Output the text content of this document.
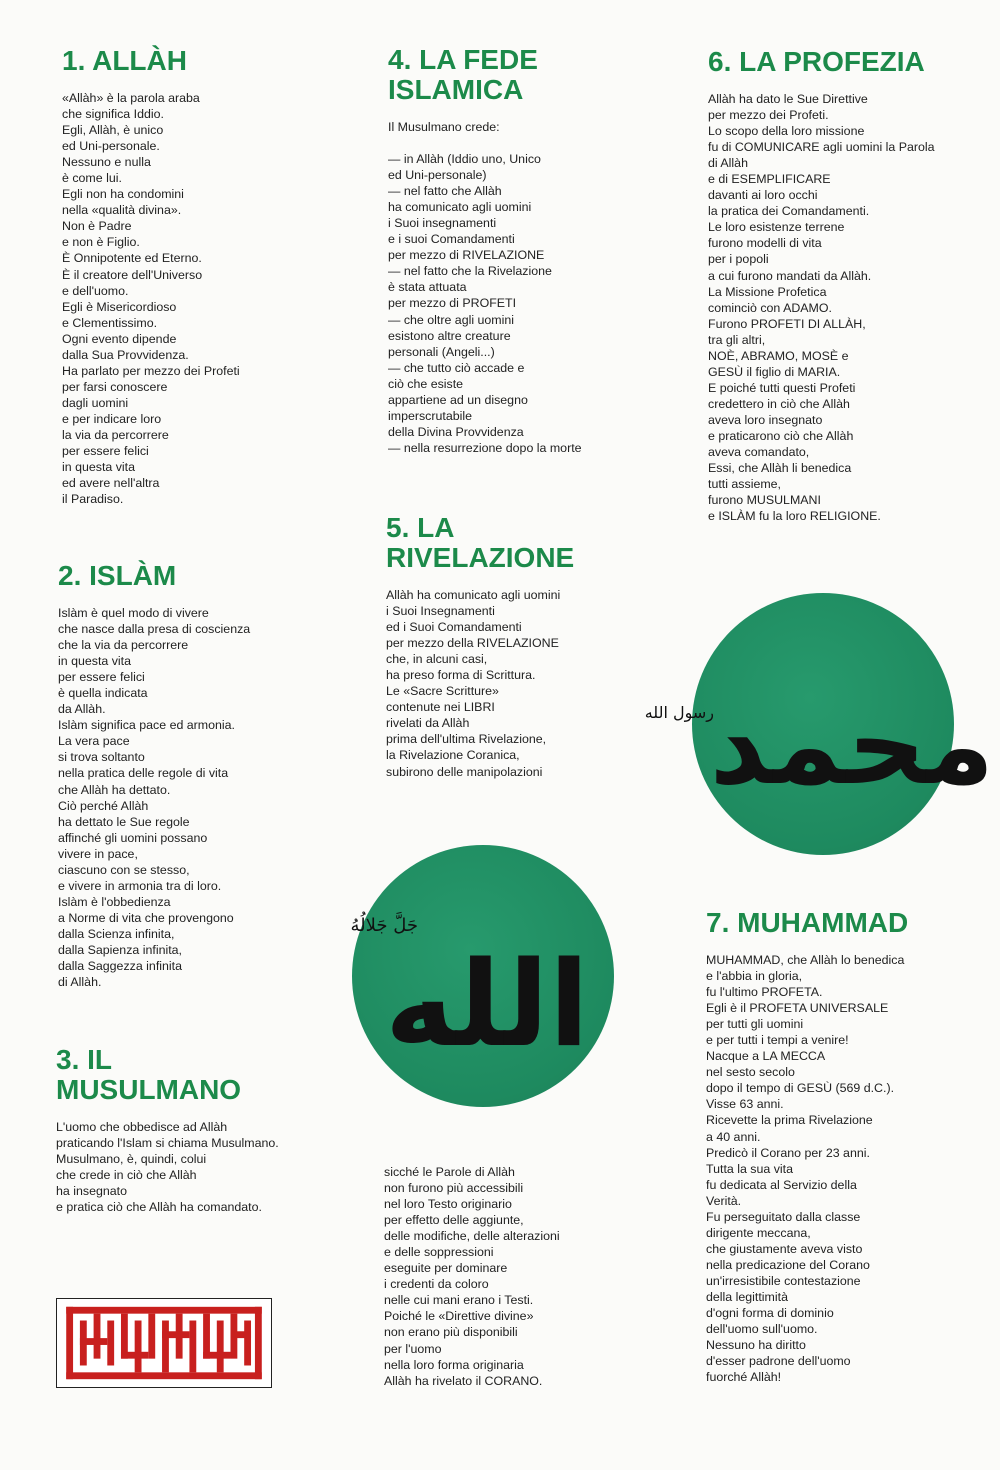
1. ALLÀH
«Allàh» è la parola araba
che significa Iddio.
Egli, Allàh, è unico
ed Uni-personale.
Nessuno e nulla
è come lui.
Egli non ha condomini
nella «qualità divina».
Non è Padre
e non è Figlio.
È Onnipotente ed Eterno.
È il creatore dell'Universo
e dell'uomo.
Egli è Misericordioso
e Clementissimo.
Ogni evento dipende
dalla Sua Provvidenza.
Ha parlato per mezzo dei Profeti
per farsi conoscere
dagli uomini
e per indicare loro
la via da percorrere
per essere felici
in questa vita
ed avere nell'altra
il Paradiso.
2. ISLÀM
Islàm è quel modo di vivere
che nasce dalla presa di coscienza
che la via da percorrere
in questa vita
per essere felici
è quella indicata
da Allàh.
Islàm significa pace ed armonia.
La vera pace
si trova soltanto
nella pratica delle regole di vita
che Allàh ha dettato.
Ciò perché Allàh
ha dettato le Sue regole
affinché gli uomini possano
vivere in pace,
ciascuno con se stesso,
e vivere in armonia tra di loro.
Islàm è l'obbedienza
a Norme di vita che provengono
dalla Scienza infinita,
dalla Sapienza infinita,
dalla Saggezza infinita
di Allàh.
3. IL
MUSULMANO
L'uomo che obbedisce ad Allàh
praticando l'Islam si chiama Musulmano.
Musulmano, è, quindi, colui
che crede in ciò che Allàh
ha insegnato
e pratica ciò che Allàh ha comandato.
4. LA FEDE
ISLAMICA
Il Musulmano crede:
— in Allàh (Iddio uno, Unico
ed Uni-personale)
— nel fatto che Allàh
ha comunicato agli uomini
i Suoi insegnamenti
e i suoi Comandamenti
per mezzo di RIVELAZIONE
— nel fatto che la Rivelazione
è stata attuata
per mezzo di PROFETI
— che oltre agli uomini
esistono altre creature
personali (Angeli...)
— che tutto ciò accade e
ciò che esiste
appartiene ad un disegno
imperscrutabile
della Divina Provvidenza
— nella resurrezione dopo la morte
5. LA
RIVELAZIONE
Allàh ha comunicato agli uomini
i Suoi Insegnamenti
ed i Suoi Comandamenti
per mezzo della RIVELAZIONE
che, in alcuni casi,
ha preso forma di Scrittura.
Le «Sacre Scritture»
contenute nei LIBRI
rivelati da Allàh
prima dell'ultima Rivelazione,
la Rivelazione Coranica,
subirono delle manipolazioni
sicché le Parole di Allàh
non furono più accessibili
nel loro Testo originario
per effetto delle aggiunte,
delle modifiche, delle alterazioni
e delle soppressioni
eseguite per dominare
i credenti da coloro
nelle cui mani erano i Testi.
Poiché le «Direttive divine»
non erano più disponibili
per l'uomo
nella loro forma originaria
Allàh ha rivelato il CORANO.
6. LA PROFEZIA
Allàh ha dato le Sue Direttive
per mezzo dei Profeti.
Lo scopo della loro missione
fu di COMUNICARE agli uomini la Parola
di Allàh
e di ESEMPLIFICARE
davanti ai loro occhi
la pratica dei Comandamenti.
Le loro esistenze terrene
furono modelli di vita
per i popoli
a cui furono mandati da Allàh.
La Missione Profetica
cominciò con ADAMO.
Furono PROFETI DI ALLÀH,
tra gli altri,
NOÈ, ABRAMO, MOSÈ e
GESÙ il figlio di MARIA.
E poiché tutti questi Profeti
credettero in ciò che Allàh
aveva loro insegnato
e praticarono ciò che Allàh
aveva comandato,
Essi, che Allàh li benedica
tutti assieme,
furono MUSULMANI
e ISLÀM fu la loro RELIGIONE.
7. MUHAMMAD
MUHAMMAD, che Allàh lo benedica
e l'abbia in gloria,
fu l'ultimo PROFETA.
Egli è il PROFETA UNIVERSALE
per tutti gli uomini
e per tutti i tempi a venire!
Nacque a LA MECCA
nel sesto secolo
dopo il tempo di GESÙ (569 d.C.).
Visse 63 anni.
Ricevette la prima Rivelazione
a 40 anni.
Predicò il Corano per 23 anni.
Tutta la sua vita
fu dedicata al Servizio della
Verità.
Fu perseguitato dalla classe
dirigente meccana,
che giustamente aveva visto
nella predicazione del Corano
un'irresistibile contestazione
della legittimità
d'ogni forma di dominio
dell'uomo sull'uomo.
Nessuno ha diritto
d'esser padrone dell'uomo
fuorché Allàh!
جَلَّ جَلالُهُ
الله
رسول الله
محمد
